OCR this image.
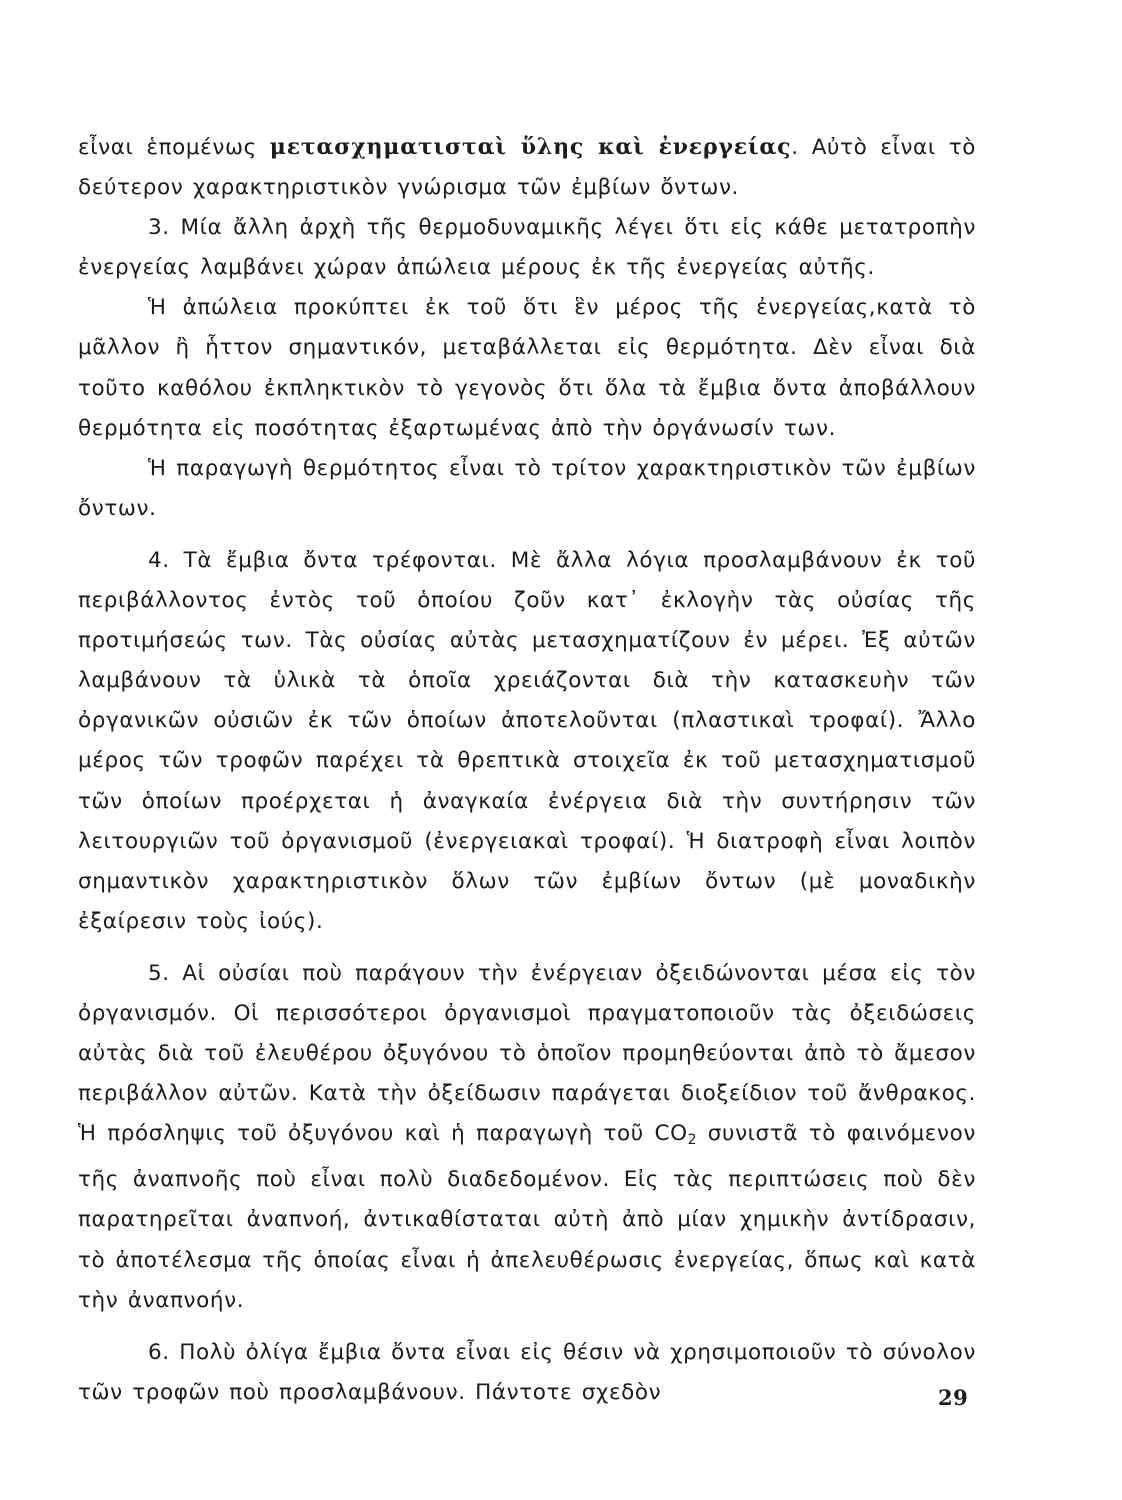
εἶναι ἑπομένως μετασχηματισταὶ ὕλης καὶ ἐνεργείας. Αὐτὸ εἶναι τὸ δεύτερον χαρακτηριστικὸν γνώρισμα τῶν ἐμβίων ὄντων.

3. Μία ἄλλη ἀρχὴ τῆς θερμοδυναμικῆς λέγει ὅτι εἰς κάθε μετατροπὴν ἐνεργείας λαμβάνει χώραν ἀπώλεια μέρους ἐκ τῆς ἐνεργείας αὐτῆς.

Ἡ ἀπώλεια προκύπτει ἐκ τοῦ ὅτι ἓν μέρος τῆς ἐνεργείας,κατὰ τὸ μᾶλλον ἢ ἧττον σημαντικόν, μεταβάλλεται εἰς θερμότητα. Δὲν εἶναι διὰ τοῦτο καθόλου ἐκπληκτικὸν τὸ γεγονὸς ὅτι ὅλα τὰ ἔμβια ὄντα ἀποβάλλουν θερμότητα εἰς ποσότητας ἐξαρτωμένας ἀπὸ τὴν ὀργάνωσίν των.

Ἡ παραγωγὴ θερμότητος εἶναι τὸ τρίτον χαρακτηριστικὸν τῶν ἐμβίων ὄντων.

4. Τὰ ἔμβια ὄντα τρέφονται. Μὲ ἄλλα λόγια προσλαμβάνουν ἐκ τοῦ περιβάλλοντος ἐντὸς τοῦ ὁποίου ζοῦν κατ᾽ ἐκλογὴν τὰς οὐσίας τῆς προτιμήσεώς των. Τὰς οὐσίας αὐτὰς μετασχηματίζουν ἐν μέρει. Ἐξ αὐτῶν λαμβάνουν τὰ ὑλικὰ τὰ ὁποῖα χρειάζονται διὰ τὴν κατασκευὴν τῶν ὀργανικῶν οὐσιῶν ἐκ τῶν ὁποίων ἀποτελοῦνται (πλαστικαὶ τροφαί). Ἄλλο μέρος τῶν τροφῶν παρέχει τὰ θρεπτικὰ στοιχεῖα ἐκ τοῦ μετασχηματισμοῦ τῶν ὁποίων προέρχεται ἡ ἀναγκαία ἐνέργεια διὰ τὴν συντήρησιν τῶν λειτουργιῶν τοῦ ὀργανισμοῦ (ἐνεργειακαὶ τροφαί). Ἡ διατροφὴ εἶναι λοιπὸν σημαντικὸν χαρακτηριστικὸν ὅλων τῶν ἐμβίων ὄντων (μὲ μοναδικὴν ἐξαίρεσιν τοὺς ἰούς).

5. Αἱ οὐσίαι ποὺ παράγουν τὴν ἐνέργειαν ὀξειδώνονται μέσα εἰς τὸν ὀργανισμόν. Οἱ περισσότεροι ὀργανισμοὶ πραγματοποιοῦν τὰς ὀξειδώσεις αὐτὰς διὰ τοῦ ἐλευθέρου ὀξυγόνου τὸ ὁποῖον προμηθεύονται ἀπὸ τὸ ἄμεσον περιβάλλον αὐτῶν. Κατὰ τὴν ὀξείδωσιν παράγεται διοξείδιον τοῦ ἄνθρακος. Ἡ πρόσληψις τοῦ ὀξυγόνου καὶ ἡ παραγωγὴ τοῦ $CO_2$ συνιστᾶ τὸ φαινόμενον τῆς ἀναπνοῆς ποὺ εἶναι πολὺ διαδεδομένον. Εἰς τὰς περιπτώσεις ποὺ δὲν παρατηρεῖται ἀναπνοή, ἀντικαθίσταται αὐτὴ ἀπὸ μίαν χημικὴν ἀντίδρασιν, τὸ ἀποτέλεσμα τῆς ὁποίας εἶναι ἡ ἀπελευθέρωσις ἐνεργείας, ὅπως καὶ κατὰ τὴν ἀναπνοήν.

6. Πολὺ ὀλίγα ἔμβια ὄντα εἶναι εἰς θέσιν νὰ χρησιμοποιοῦν τὸ σύνολον τῶν τροφῶν ποὺ προσλαμβάνουν. Πάντοτε σχεδὸν	29
